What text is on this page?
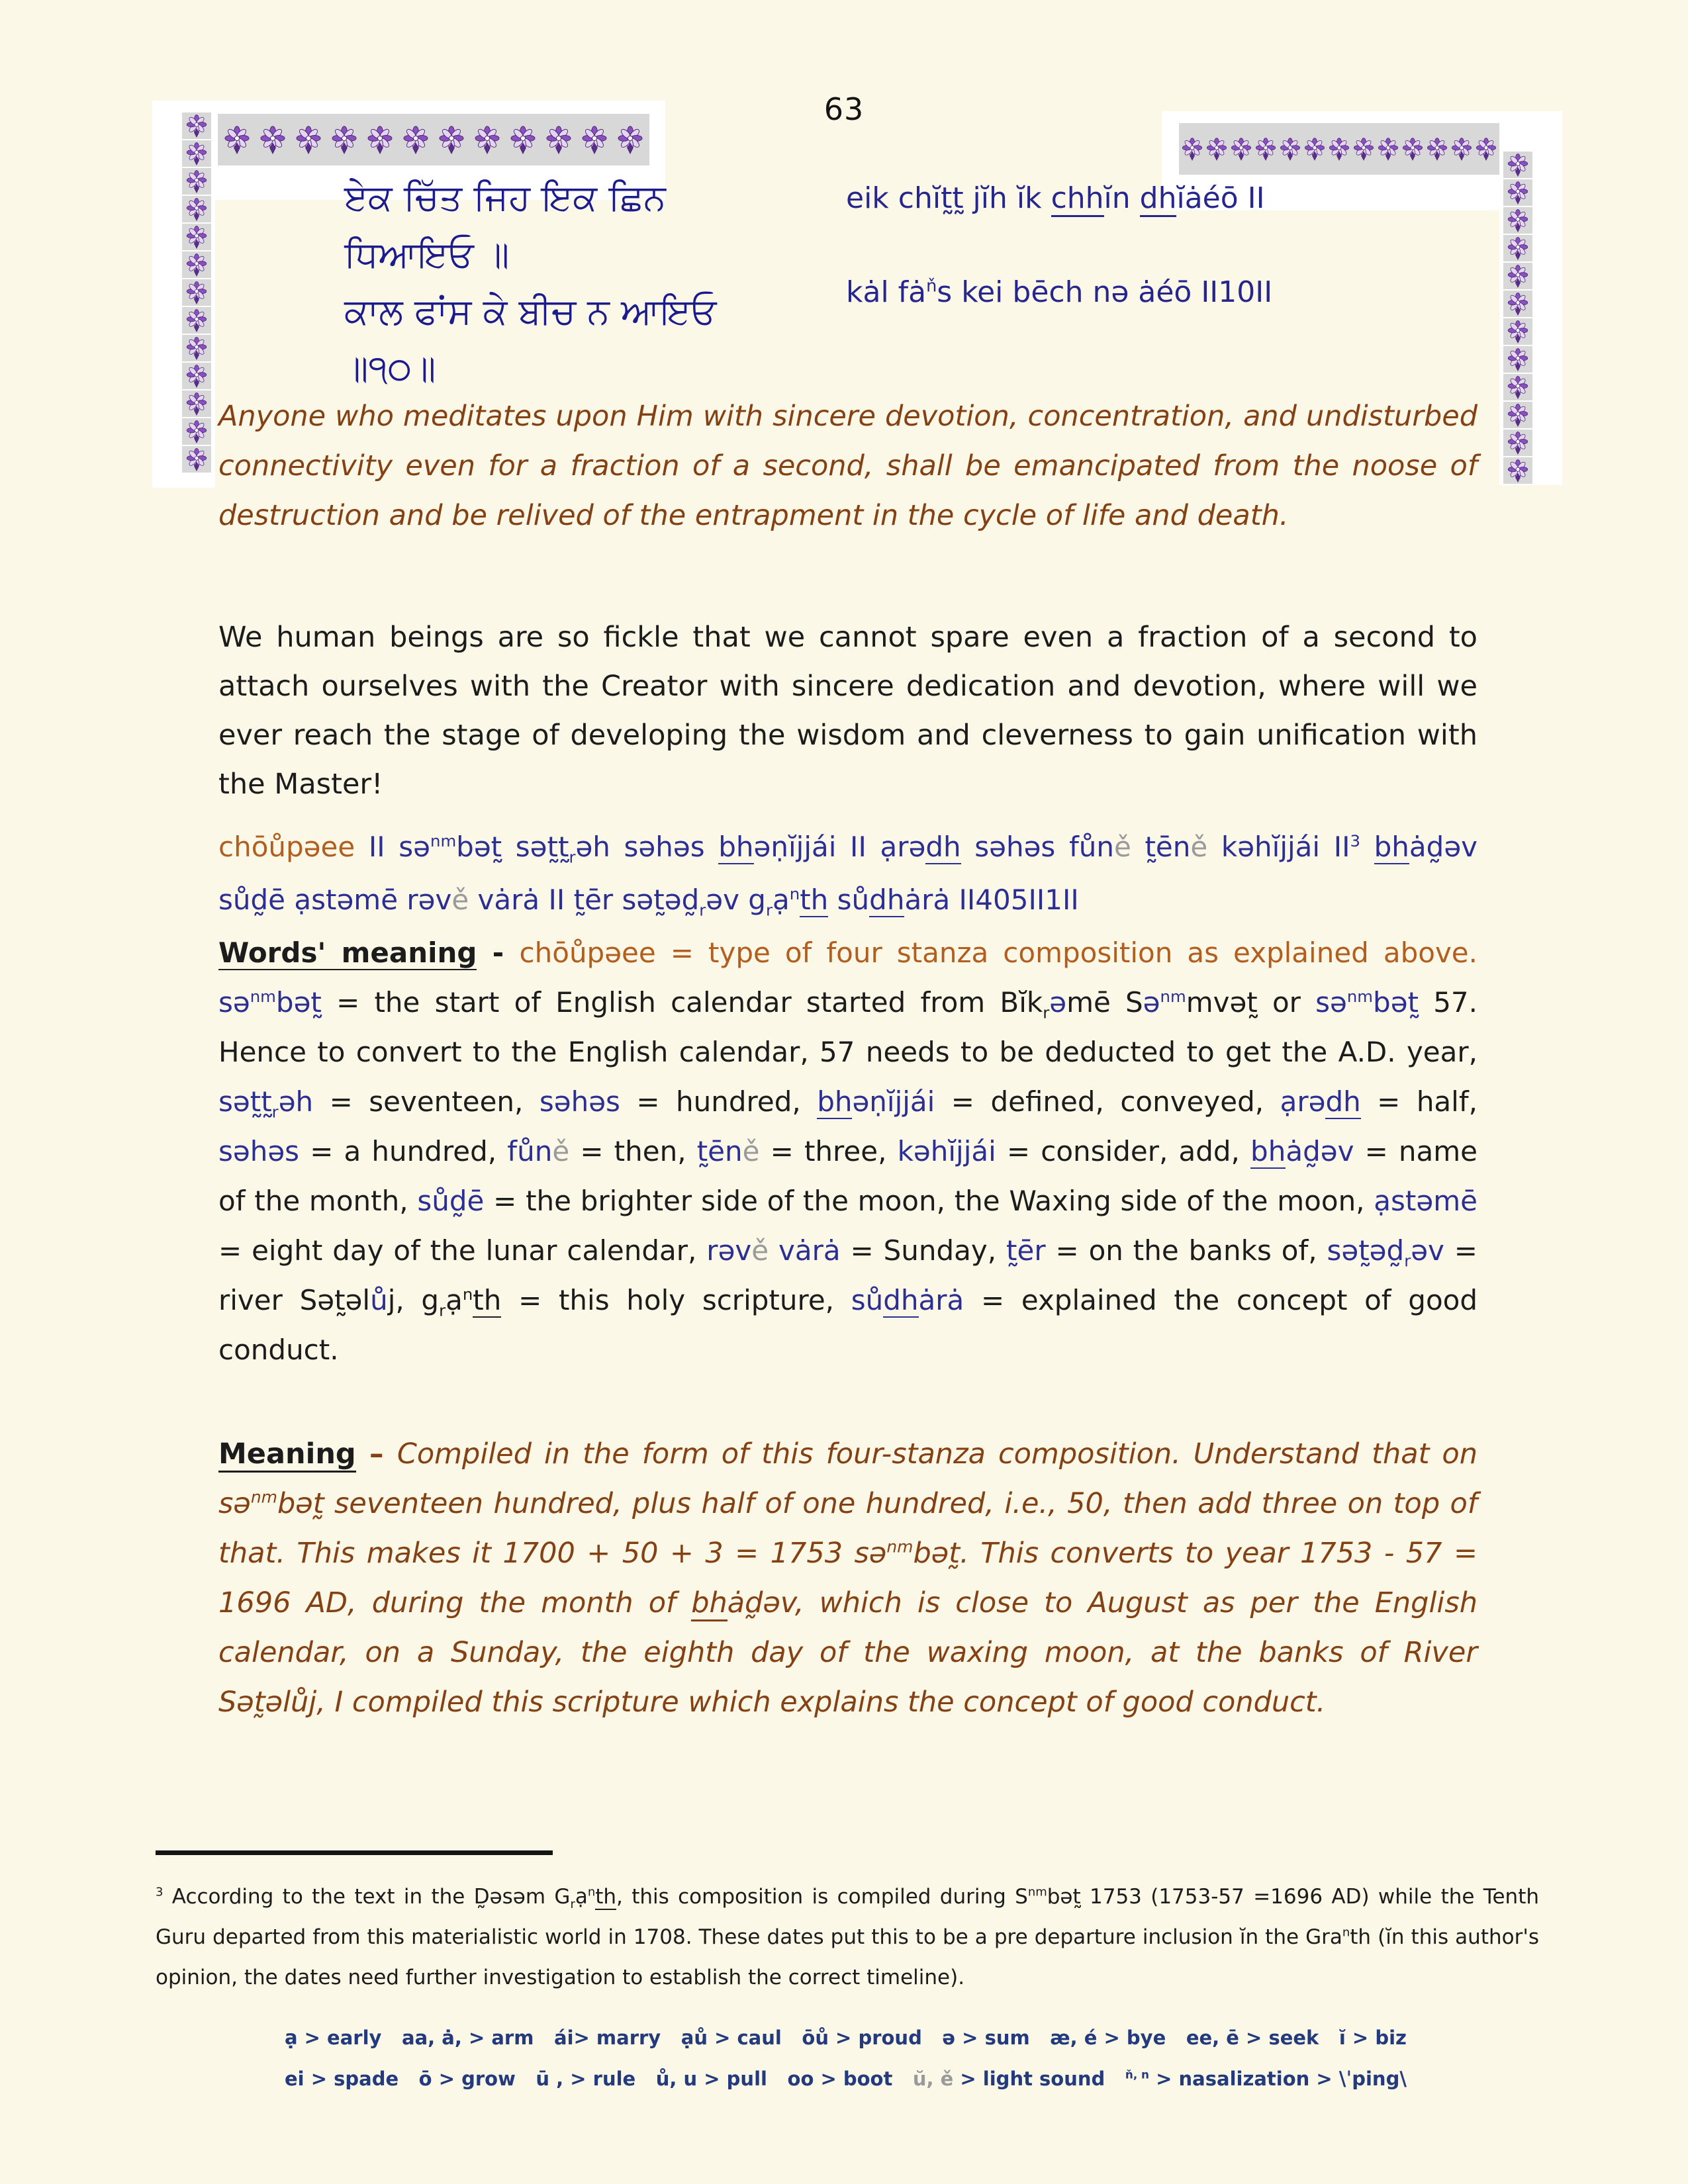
63
ਏਕ ਚਿੱਤ ਜਿਹ ਇਕ ਛਿਨ
ਧਿਆਇਓ ॥
ਕਾਲ ਫਾਂਸ ਕੇ ਬੀਚ ਨ ਆਇਓ
॥੧੦॥
eik chĭt̰t̰ jĭh ĭk chhĭn dhĭȧéō II
kȧl $fȧ^ňs$ kei bēch nə ȧéō II10II
Anyone who meditates upon Him with sincere devotion, concentration, and undisturbed connectivity even for a fraction of a second, shall be emancipated from the noose of destruction and be relived of the entrapment in the cycle of life and death.
We human beings are so fickle that we cannot spare even a fraction of a second to attach ourselves with the Creator with sincere dedication and devotion, where will we ever reach the stage of developing the wisdom and cleverness to gain unification with the Master!
chōůpəee II sə$^{nm}$bət̰ $sət̰t̰_rəh$ səhəs bhəṇĭjjái II ạrədh səhəs fůně t̰ēně kəhĭjjái $II^3$ bhȧd̰əv sůd̰ē ạstəmē rəvě vȧrȧ II t̰ēr $sət̰əd̰_rəv$ $g_rạ^nth$ sůdhȧrȧ II405II1II
Words' meaning - chōůpəee = type of four stanza composition as explained above. sə$^{nm}$bət̰ = the start of English calendar started from Bĭk$_r$əmē Sə$^{nm}$mvət̰ or sə$^{nm}$bət̰ 57. Hence to convert to the English calendar, 57 needs to be deducted to get the A.D. year, $sət̰t̰_rəh$ = seventeen, səhəs = hundred, bhəṇĭjjái = defined, conveyed, ạrədh = half, səhəs = a hundred, fůně = then, t̰ēně = three, kəhĭjjái = consider, add, bhȧd̰əv = name of the month, sůd̰ē = the brighter side of the moon, the Waxing side of the moon, ạstəmē = eight day of the lunar calendar, rəvě vȧrȧ = Sunday, t̰ēr = on the banks of, $sət̰əd̰_rəv$ = river Sət̰əlůj, $g_rạ^nth$ = this holy scripture, sůdhȧrȧ = explained the concept of good conduct.
Meaning – Compiled in the form of this four-stanza composition. Understand that on sə$^{nm}$bət̰ seventeen hundred, plus half of one hundred, i.e., 50, then add three on top of that. This makes it 1700 + 50 + 3 = 1753 sə$^{nm}$bət̰. This converts to year 1753 - 57 = 1696 AD, during the month of bhȧd̰əv, which is close to August as per the English calendar, on a Sunday, the eighth day of the waxing moon, at the banks of River Sət̰əlůj, I compiled this scripture which explains the concept of good conduct.
$^3$ According to the text in the D̰əsəm $G_rạ^nth$, this composition is compiled during $S^{nm}bət̰$ 1753 (1753-57 =1696 AD) while the Tenth Guru departed from this materialistic world in 1708. These dates put this to be a pre departure inclusion ĭn the Gra$^n$th (ĭn this author's opinion, the dates need further investigation to establish the correct timeline).
ạ > early aa, ȧ, > arm ái> marry ạů > caul ōů > proud ə > sum æ, é > bye ee, ē > seek ĭ > biz
ei > spade ō > grow ū , > rule ů, u > pull oo > boot ŭ, ě > light sound $^{ň, n}$ > nasalization > \ˈping\
